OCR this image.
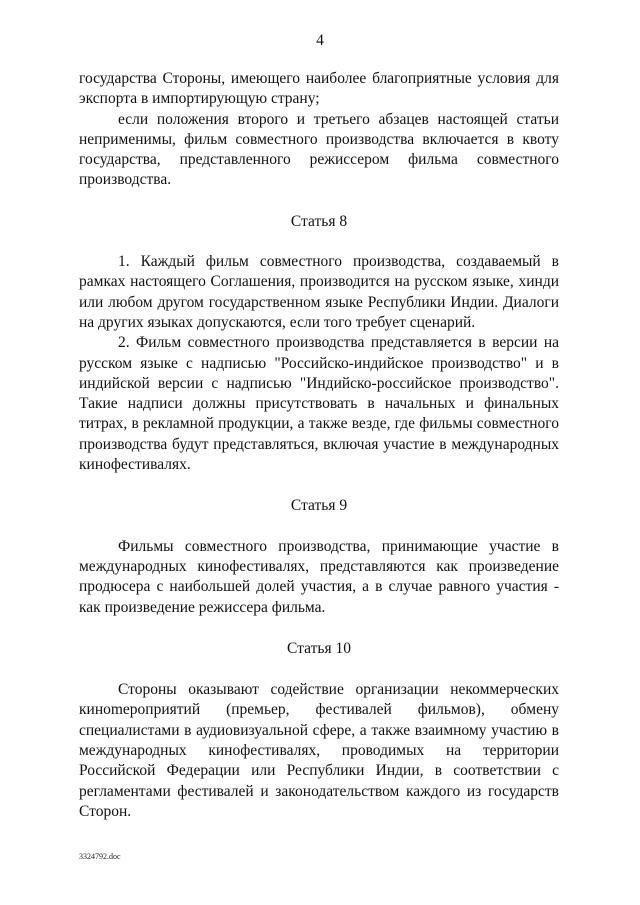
4

государства Стороны, имеющего наиболее благоприятные условия для экспорта в импортирующую страну;

если положения второго и третьего абзацев настоящей статьи неприменимы, фильм совместного производства включается в квоту государства, представленного режиссером фильма совместного производства.

Статья 8

1. Каждый фильм совместного производства, создаваемый в рамках настоящего Соглашения, производится на русском языке, хинди или любом другом государственном языке Республики Индии. Диалоги на других языках допускаются, если того требует сценарий.

2. Фильм совместного производства представляется в версии на русском языке с надписью "Российско-индийское производство" и в индийской версии с надписью "Индийско-российское производство". Такие надписи должны присутствовать в начальных и финальных титрах, в рекламной продукции, а также везде, где фильмы совместного производства будут представляться, включая участие в международных кинофестивалях.

Статья 9

Фильмы совместного производства, принимающие участие в международных кинофестивалях, представляются как произведение продюсера с наибольшей долей участия, а в случае равного участия - как произведение режиссера фильма.

Статья 10

Стороны оказывают содействие организации некоммерческих кинomероприятий (премьер, фестивалей фильмов), обмену специалистами в аудиовизуальной сфере, а также взаимному участию в международных кинофестивалях, проводимых на территории Российской Федерации или Республики Индии, в соответствии с регламентами фестивалей и законодательством каждого из государств Сторон.

3324792.doc
